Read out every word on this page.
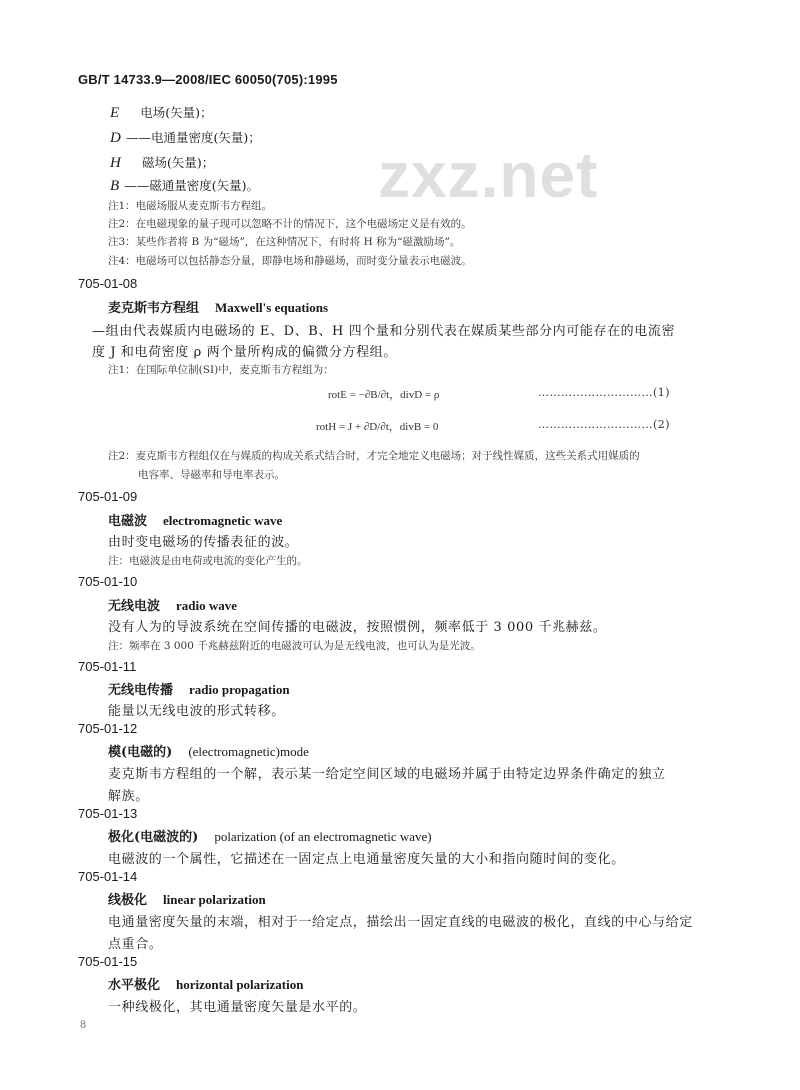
GB/T 14733.9—2008/IEC 60050(705):1995
zxz.net
E 电场(矢量)；
D ——电通量密度(矢量)；
H 磁场(矢量)；
B ——磁通量密度(矢量)。
注1：电磁场服从麦克斯韦方程组。
注2：在电磁现象的量子现可以忽略不计的情况下，这个电磁场定义是有效的。
注3：某些作者将 B 为“磁场”，在这种情况下，有时将 H 称为“磁激励场”。
注4：电磁场可以包括静态分量，即静电场和静磁场，而时变分量表示电磁波。
705-01-08
麦克斯韦方程组 Maxwell's equations
—组由代表媒质内电磁场的 E、D、B、H 四个量和分别代表在媒质某些部分内可能存在的电流密
度 J 和电荷密度 ρ 两个量所构成的偏微分方程组。
注1：在国际单位制(SI)中，麦克斯韦方程组为：
rotE = −∂B/∂t，divD = ρ	…………………………(1)
rotH = J + ∂D/∂t，divB = 0	…………………………(2)
注2：麦克斯韦方程组仅在与媒质的构成关系式结合时，才完全地定义电磁场；对于线性媒质，这些关系式用媒质的
电容率、导磁率和导电率表示。
705-01-09
电磁波 electromagnetic wave
由时变电磁场的传播表征的波。
注：电磁波是由电荷或电流的变化产生的。
705-01-10
无线电波 radio wave
没有人为的导波系统在空间传播的电磁波，按照惯例，频率低于 3 000 千兆赫兹。
注：频率在 3 000 千兆赫兹附近的电磁波可认为是无线电波，也可认为是光波。
705-01-11
无线电传播 radio propagation
能量以无线电波的形式转移。
705-01-12
模(电磁的) (electromagnetic)mode
麦克斯韦方程组的一个解，表示某一给定空间区域的电磁场并属于由特定边界条件确定的独立
解族。
705-01-13
极化(电磁波的) polarization (of an electromagnetic wave)
电磁波的一个属性，它描述在一固定点上电通量密度矢量的大小和指向随时间的变化。
705-01-14
线极化 linear polarization
电通量密度矢量的末端，相对于一给定点，描绘出一固定直线的电磁波的极化，直线的中心与给定
点重合。
705-01-15
水平极化 horizontal polarization
一种线极化，其电通量密度矢量是水平的。
8
